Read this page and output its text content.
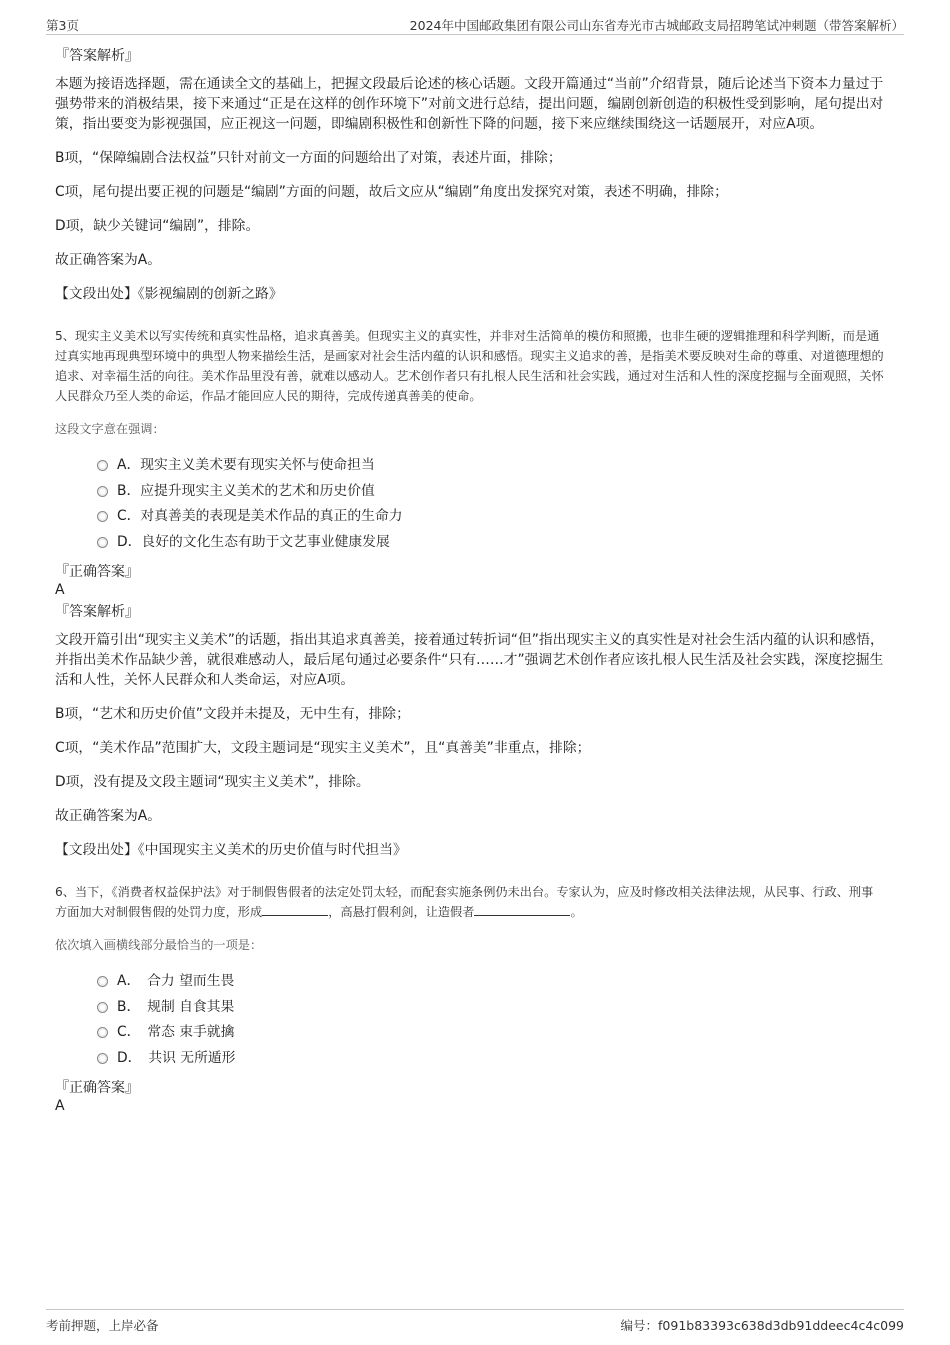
第3页	2024年中国邮政集团有限公司山东省寿光市古城邮政支局招聘笔试冲刺题（带答案解析）
『答案解析』
本题为接语选择题，需在通读全文的基础上，把握文段最后论述的核心话题。文段开篇通过“当前”介绍背景，随后论述当下资本力量过于强势带来的消极结果，接下来通过“正是在这样的创作环境下”对前文进行总结，提出问题，编剧创新创造的积极性受到影响，尾句提出对策，指出要变为影视强国，应正视这一问题，即编剧积极性和创新性下降的问题，接下来应继续围绕这一话题展开，对应A项。
B项，“保障编剧合法权益”只针对前文一方面的问题给出了对策，表述片面，排除；
C项，尾句提出要正视的问题是“编剧”方面的问题，故后文应从“编剧”角度出发探究对策，表述不明确，排除；
D项，缺少关键词“编剧”，排除。
故正确答案为A。
【文段出处】《影视编剧的创新之路》
5、现实主义美术以写实传统和真实性品格，追求真善美。但现实主义的真实性，并非对生活简单的模仿和照搬，也非生硬的逻辑推理和科学判断，而是通过真实地再现典型环境中的典型人物来描绘生活，是画家对社会生活内蕴的认识和感悟。现实主义追求的善，是指美术要反映对生命的尊重、对道德理想的追求、对幸福生活的向往。美术作品里没有善，就难以感动人。艺术创作者只有扎根人民生活和社会实践，通过对生活和人性的深度挖掘与全面观照，关怀人民群众乃至人类的命运，作品才能回应人民的期待，完成传递真善美的使命。
这段文字意在强调：
A．现实主义美术要有现实关怀与使命担当
B．应提升现实主义美术的艺术和历史价值
C．对真善美的表现是美术作品的真正的生命力
D．良好的文化生态有助于文艺事业健康发展
『正确答案』
A
『答案解析』
文段开篇引出“现实主义美术”的话题，指出其追求真善美，接着通过转折词“但”指出现实主义的真实性是对社会生活内蕴的认识和感悟，并指出美术作品缺少善，就很难感动人，最后尾句通过必要条件“只有……才”强调艺术创作者应该扎根人民生活及社会实践，深度挖掘生活和人性，关怀人民群众和人类命运，对应A项。
B项，“艺术和历史价值”文段并未提及，无中生有，排除；
C项，“美术作品”范围扩大，文段主题词是“现实主义美术”，且“真善美”非重点，排除；
D项，没有提及文段主题词“现实主义美术”，排除。
故正确答案为A。
【文段出处】《中国现实主义美术的历史价值与时代担当》
6、当下，《消费者权益保护法》对于制假售假者的法定处罚太轻，而配套实施条例仍未出台。专家认为，应及时修改相关法律法规，从民事、行政、刑事方面加大对制假售假的处罚力度，形成	，高悬打假利剑，让造假者	。
依次填入画横线部分最恰当的一项是：
A．　合力 望而生畏
B．　规制 自食其果
C．　常态 束手就擒
D．　共识 无所遁形
『正确答案』
A
考前押题，上岸必备	编号：f091b83393c638d3db91ddeec4c4c099
